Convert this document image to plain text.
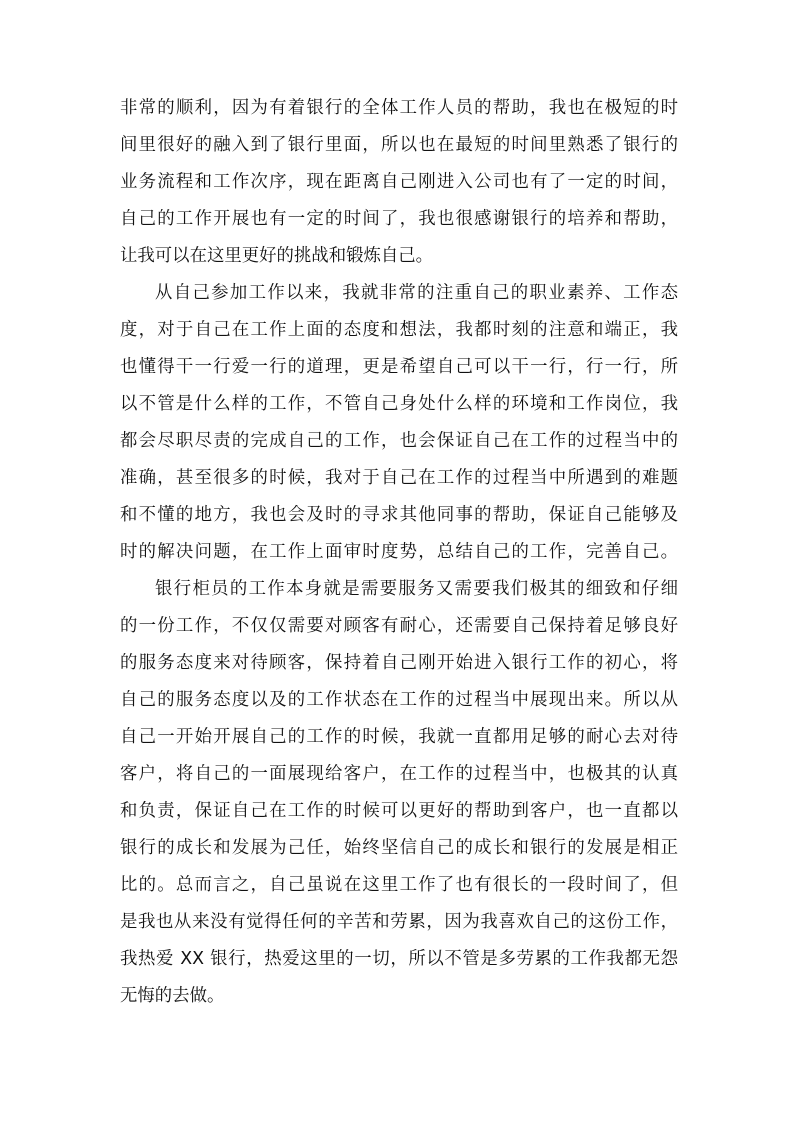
非常的顺利，因为有着银行的全体工作人员的帮助，我也在极短的时
间里很好的融入到了银行里面，所以也在最短的时间里熟悉了银行的
业务流程和工作次序，现在距离自己刚进入公司也有了一定的时间，
自己的工作开展也有一定的时间了，我也很感谢银行的培养和帮助，
让我可以在这里更好的挑战和锻炼自己。
从自己参加工作以来，我就非常的注重自己的职业素养、工作态
度，对于自己在工作上面的态度和想法，我都时刻的注意和端正，我
也懂得干一行爱一行的道理，更是希望自己可以干一行，行一行，所
以不管是什么样的工作，不管自己身处什么样的环境和工作岗位，我
都会尽职尽责的完成自己的工作，也会保证自己在工作的过程当中的
准确，甚至很多的时候，我对于自己在工作的过程当中所遇到的难题
和不懂的地方，我也会及时的寻求其他同事的帮助，保证自己能够及
时的解决问题，在工作上面审时度势，总结自己的工作，完善自己。
银行柜员的工作本身就是需要服务又需要我们极其的细致和仔细
的一份工作，不仅仅需要对顾客有耐心，还需要自己保持着足够良好
的服务态度来对待顾客，保持着自己刚开始进入银行工作的初心，将
自己的服务态度以及的工作状态在工作的过程当中展现出来。所以从
自己一开始开展自己的工作的时候，我就一直都用足够的耐心去对待
客户，将自己的一面展现给客户，在工作的过程当中，也极其的认真
和负责，保证自己在工作的时候可以更好的帮助到客户，也一直都以
银行的成长和发展为己任，始终坚信自己的成长和银行的发展是相正
比的。总而言之，自己虽说在这里工作了也有很长的一段时间了，但
是我也从来没有觉得任何的辛苦和劳累，因为我喜欢自己的这份工作，
我热爱 XX 银行，热爱这里的一切，所以不管是多劳累的工作我都无怨
无悔的去做。
